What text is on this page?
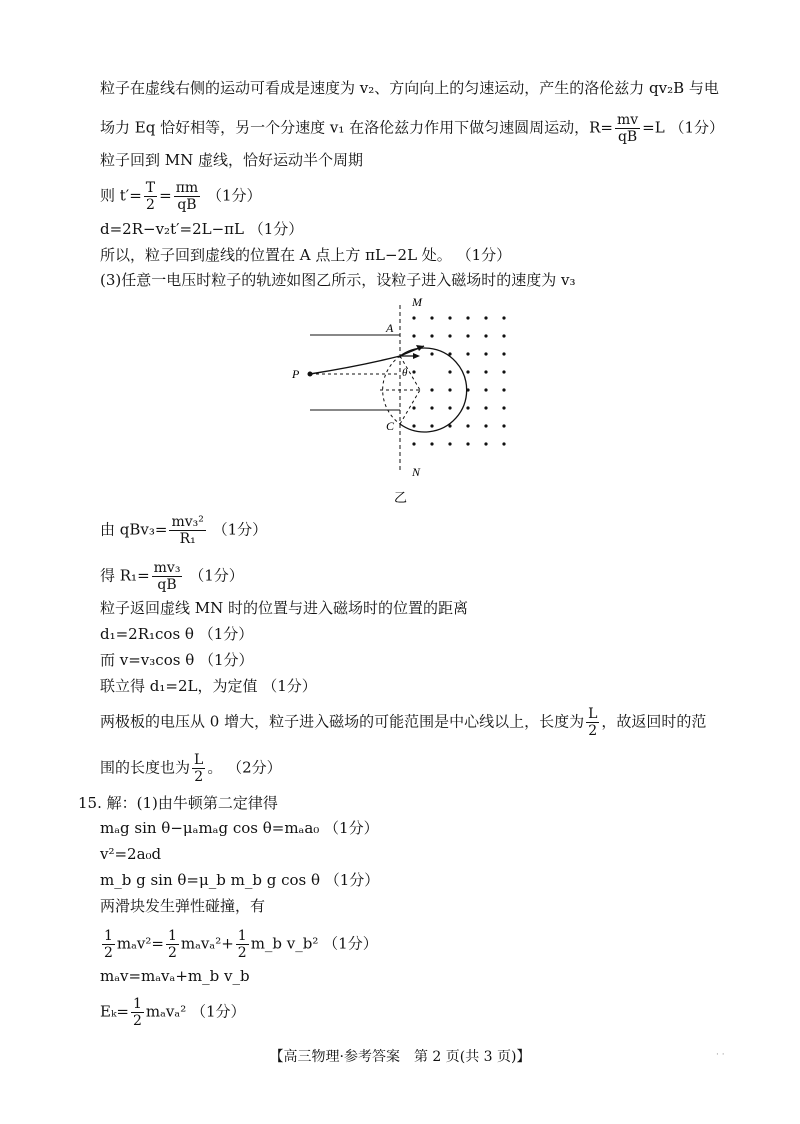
粒子在虚线右侧的运动可看成是速度为 v₂、方向向上的匀速运动，产生的洛伦兹力 qv₂B 与电
场力 Eq 恰好相等，另一个分速度 v₁ 在洛伦兹力作用下做匀速圆周运动，$R= \frac{mv}{qB} =L$ （1分）
粒子回到 MN 虚线，恰好运动半个周期
则 $t'= \frac{T}{2} = \frac{\pi m}{qB} (1$分）
d=2R−v₂t′=2L−πL （1分）
所以，粒子回到虚线的位置在 A 点上方 πL−2L 处。 （1分）
(3)任意一电压时粒子的轨迹如图乙所示，设粒子进入磁场时的速度为 v₃
M
N
A
C
P	θ
乙
由 $qBv_3= \frac{\text{mv₃²}}{\text{R₁}} (1$分）
得 $R_1= \frac{\text{mv₃}}{qB} (1$分）
粒子返回虚线 MN 时的位置与进入磁场时的位置的距离
d₁=2R₁cos θ （1分）
而 v=v₃cos θ （1分）
联立得 d₁=2L，为定值 （1分）
两极板的电压从 0 增大，粒子进入磁场的可能范围是中心线以上，长度为 $\frac{L}{2}$ ，故返回时的范
围的长度也为 $\frac{L}{2}$ 。 （2分）
15. 解：(1)由牛顿第二定律得
mₐg sin θ−μₐmₐg cos θ=mₐa₀ （1分）
v²=2a₀d
m_b g sin θ=μ_b m_b g cos θ （1分）
两滑块发生弹性碰撞，有
$\frac{1}{2} m_av^2= \frac{1}{2} m_av_a^2+ \frac{1}{2}$ m_b v_b² （1分）
mₐv=mₐvₐ+m_b v_b
$E_k= \frac{1}{2} m_av_a^2$ （1分）
【高三物理·参考答案　第 2 页(共 3 页)】	· ·
